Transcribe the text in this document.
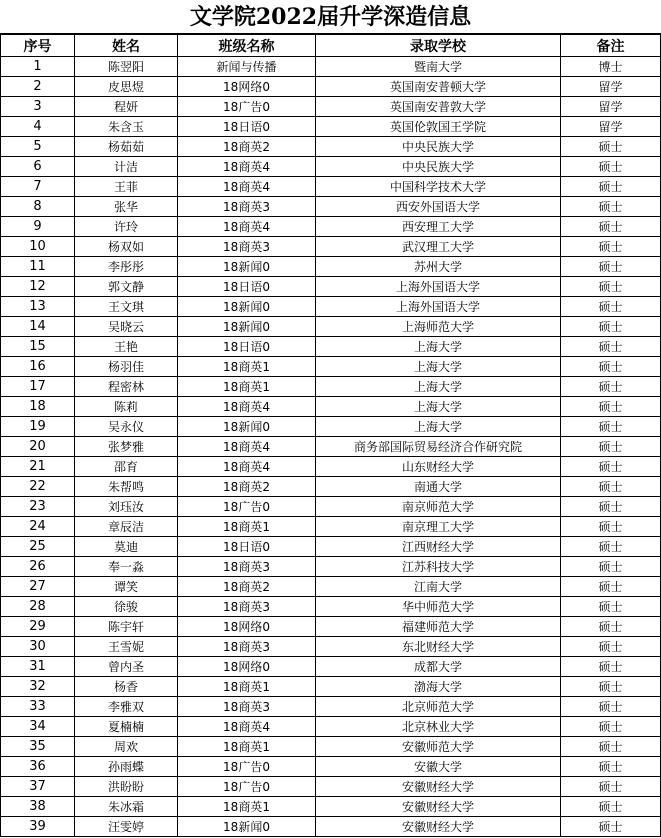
文学院2022届升学深造信息
序号	姓名	班级名称	录取学校	备注
1	陈翌阳	新闻与传播	暨南大学	博士
2	皮思煜	18网络0	英国南安普顿大学	留学
3	程妍	18广告0	英国南安普敦大学	留学
4	朱含玉	18日语0	英国伦敦国王学院	留学
5	杨茹茹	18商英2	中央民族大学	硕士
6	计洁	18商英4	中央民族大学	硕士
7	王菲	18商英4	中国科学技术大学	硕士
8	张华	18商英3	西安外国语大学	硕士
9	许玲	18商英4	西安理工大学	硕士
10	杨双如	18商英3	武汉理工大学	硕士
11	李彤彤	18新闻0	苏州大学	硕士
12	郭文静	18日语0	上海外国语大学	硕士
13	王文琪	18新闻0	上海外国语大学	硕士
14	吴晓云	18新闻0	上海师范大学	硕士
15	王艳	18日语0	上海大学	硕士
16	杨羽佳	18商英1	上海大学	硕士
17	程密林	18商英1	上海大学	硕士
18	陈莉	18商英4	上海大学	硕士
19	吴永仪	18新闻0	上海大学	硕士
20	张梦雅	18商英4	商务部国际贸易经济合作研究院	硕士
21	邵育	18商英4	山东财经大学	硕士
22	朱帮鸣	18商英2	南通大学	硕士
23	刘珏汝	18广告0	南京师范大学	硕士
24	章辰洁	18商英1	南京理工大学	硕士
25	莫迪	18日语0	江西财经大学	硕士
26	奉一淼	18商英3	江苏科技大学	硕士
27	谭笑	18商英2	江南大学	硕士
28	徐骏	18商英3	华中师范大学	硕士
29	陈宇轩	18网络0	福建师范大学	硕士
30	王雪妮	18商英3	东北财经大学	硕士
31	曾内圣	18网络0	成都大学	硕士
32	杨香	18商英1	渤海大学	硕士
33	李雅双	18商英3	北京师范大学	硕士
34	夏楠楠	18商英4	北京林业大学	硕士
35	周欢	18商英1	安徽师范大学	硕士
36	孙雨蝶	18广告0	安徽大学	硕士
37	洪盼盼	18广告0	安徽财经大学	硕士
38	朱冰霜	18商英1	安徽财经大学	硕士
39	汪雯婷	18新闻0	安徽财经大学	硕士
